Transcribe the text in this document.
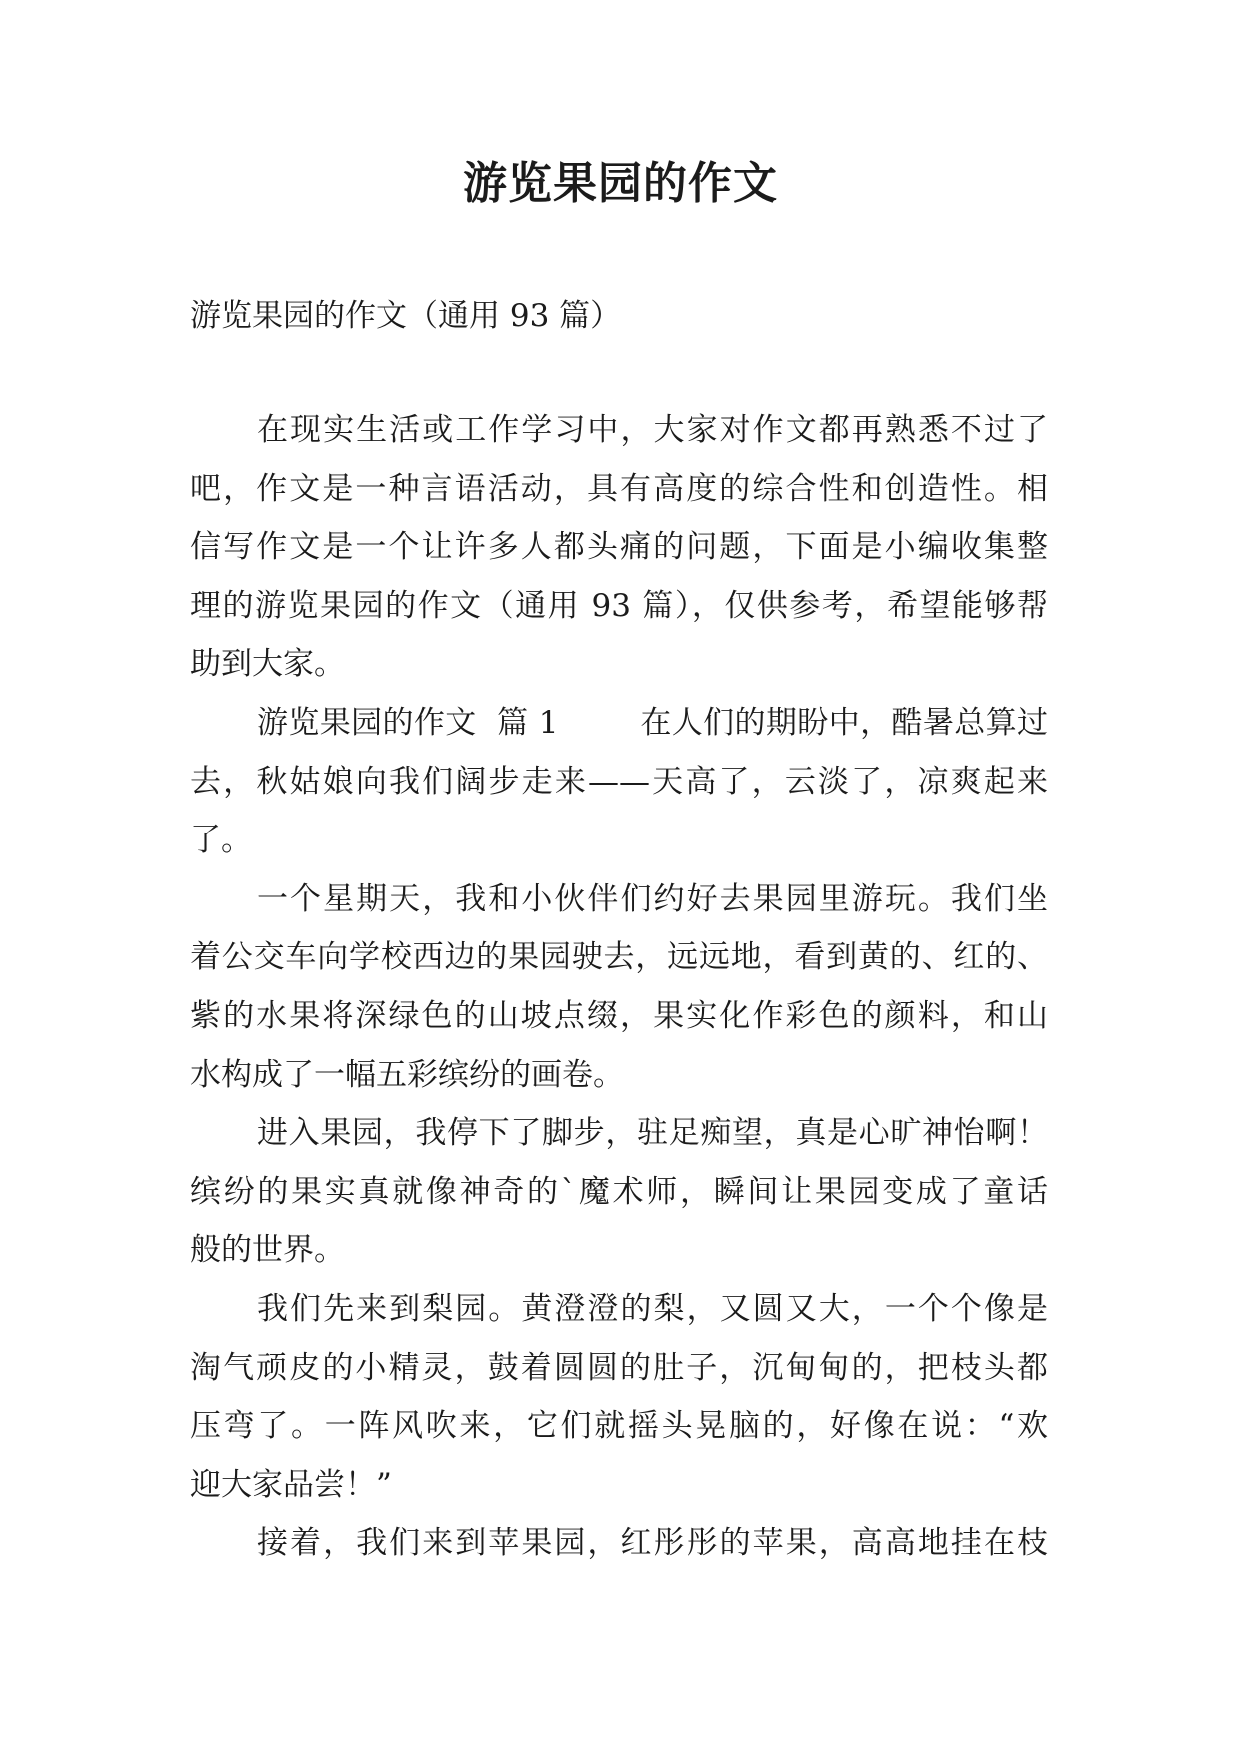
游览果园的作文
游览果园的作文（通用 93 篇）
在现实生活或工作学习中，大家对作文都再熟悉不过了
吧，作文是一种言语活动，具有高度的综合性和创造性。相
信写作文是一个让许多人都头痛的问题，下面是小编收集整
理的游览果园的作文（通用 93 篇），仅供参考，希望能够帮
助到大家。
游览果园的作文  篇 1        在人们的期盼中，酷暑总算过
去，秋姑娘向我们阔步走来——天高了，云淡了，凉爽起来
了。
一个星期天，我和小伙伴们约好去果园里游玩。我们坐
着公交车向学校西边的果园驶去，远远地，看到黄的、红的、
紫的水果将深绿色的山坡点缀，果实化作彩色的颜料，和山
水构成了一幅五彩缤纷的画卷。
进入果园，我停下了脚步，驻足痴望，真是心旷神怡啊！
缤纷的果实真就像神奇的`魔术师，瞬间让果园变成了童话
般的世界。
我们先来到梨园。黄澄澄的梨，又圆又大，一个个像是
淘气顽皮的小精灵，鼓着圆圆的肚子，沉甸甸的，把枝头都
压弯了。一阵风吹来，它们就摇头晃脑的，好像在说：“欢
迎大家品尝！”
接着，我们来到苹果园，红彤彤的苹果，高高地挂在枝
